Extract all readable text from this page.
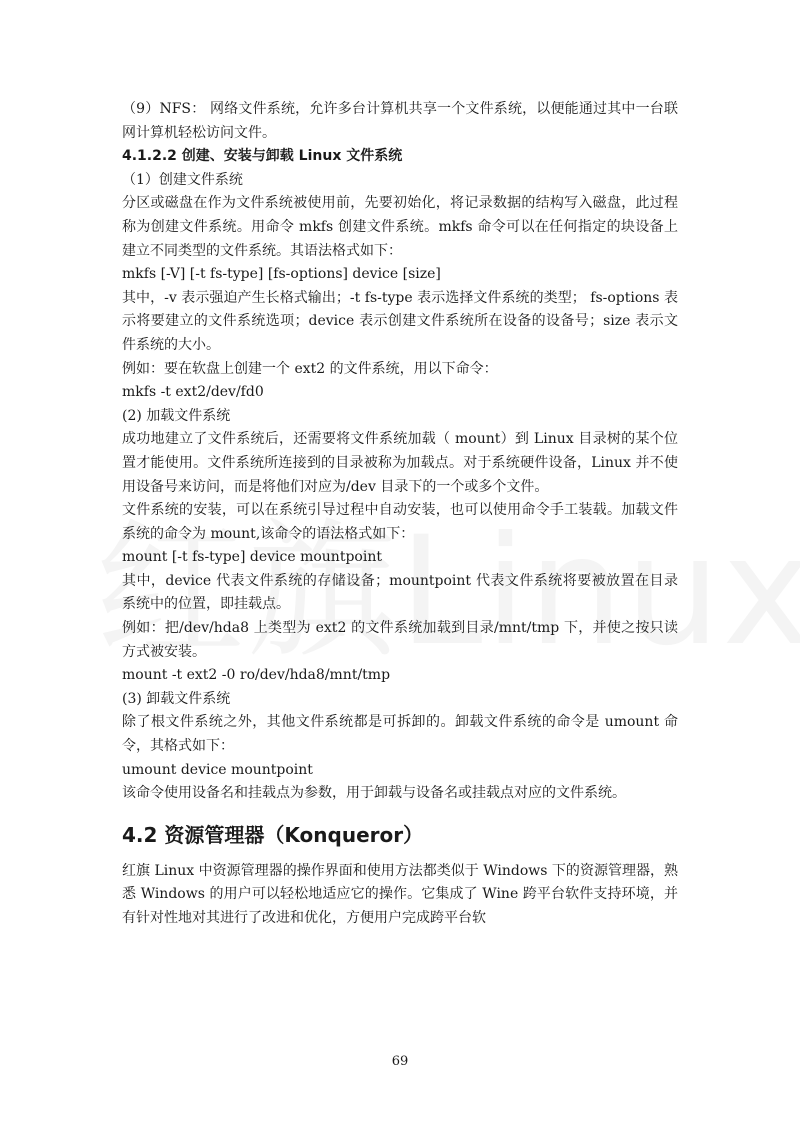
（9）NFS： 网络文件系统，允许多台计算机共享一个文件系统，以便能通过其中一台联网计算机轻松访问文件。

4.1.2.2 创建、安装与卸载 Linux 文件系统

（1）创建文件系统

分区或磁盘在作为文件系统被使用前，先要初始化，将记录数据的结构写入磁盘，此过程称为创建文件系统。用命令 mkfs 创建文件系统。mkfs 命令可以在任何指定的块设备上建立不同类型的文件系统。其语法格式如下：

mkfs [-V] [-t fs-type] [fs-options] device [size]

其中，-v 表示强迫产生长格式输出；-t fs-type 表示选择文件系统的类型； fs-options 表示将要建立的文件系统选项；device 表示创建文件系统所在设备的设备号；size 表示文件系统的大小。

例如：要在软盘上创建一个 ext2 的文件系统，用以下命令：

mkfs -t ext2/dev/fd0

(2) 加载文件系统

成功地建立了文件系统后，还需要将文件系统加载（ mount）到 Linux 目录树的某个位置才能使用。文件系统所连接到的目录被称为加载点。对于系统硬件设备，Linux 并不使用设备号来访问，而是将他们对应为/dev 目录下的一个或多个文件。

文件系统的安装，可以在系统引导过程中自动安装，也可以使用命令手工装载。加载文件系统的命令为 mount,该命令的语法格式如下：

mount [-t fs-type] device mountpoint

其中，device 代表文件系统的存储设备；mountpoint 代表文件系统将要被放置在目录系统中的位置，即挂载点。

例如：把/dev/hda8 上类型为 ext2 的文件系统加载到目录/mnt/tmp 下，并使之按只读方式被安装。

mount -t ext2 -0 ro/dev/hda8/mnt/tmp

(3) 卸载文件系统

除了根文件系统之外，其他文件系统都是可拆卸的。卸载文件系统的命令是 umount 命令，其格式如下：

umount device mountpoint

该命令使用设备名和挂载点为参数，用于卸载与设备名或挂载点对应的文件系统。

4.2 资源管理器（Konqueror）

红旗 Linux 中资源管理器的操作界面和使用方法都类似于 Windows 下的资源管理器，熟悉 Windows 的用户可以轻松地适应它的操作。它集成了 Wine 跨平台软件支持环境，并有针对性地对其进行了改进和优化，方便用户完成跨平台软

69
